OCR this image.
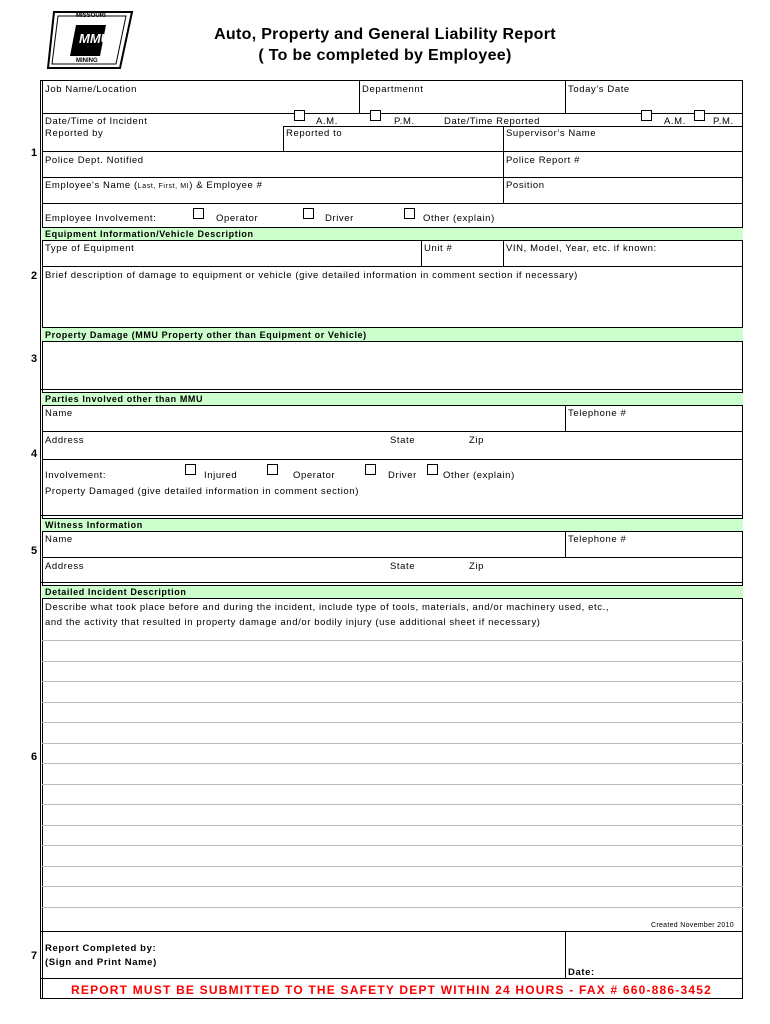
MISSOURI
MMU
MINING
Auto, Property and General Liability Report
( To be completed by Employee)
1
2
3
4
5
6
7
Job Name/Location	Departmennt	Today's Date
Date/Time of Incident	A.M.	P.M.	Date/Time Reported	A.M.	P.M.
Reported by	Reported to	Supervisor's Name
Police Dept. Notified	Police Report #
Employee's Name (Last, First, MI) & Employee #	Position
Employee Involvement:	Operator	Driver	Other (explain)
Equipment Information/Vehicle Description
Type of Equipment	Unit #	VIN, Model, Year, etc. if known:
Brief description of damage to equipment or vehicle (give detailed information in comment section if necessary)
Property Damage (MMU Property other than Equipment or Vehicle)
Parties Involved other than MMU
Name	Telephone #
Address	State	Zip
Involvement:	Injured	Operator	Driver	Other (explain)
Property Damaged (give detailed information in comment section)
Witness Information
Name	Telephone #
Address	State	Zip
Detailed Incident Description
Describe what took place before and during the incident, include type of tools, materials, and/or machinery used, etc.,
and the activity that resulted in property damage and/or bodily injury (use additional sheet if necessary)
Created November 2010
Report Completed by:
(Sign and Print Name)
Date:
REPORT MUST BE SUBMITTED TO THE SAFETY DEPT WITHIN 24 HOURS - FAX # 660-886-3452
